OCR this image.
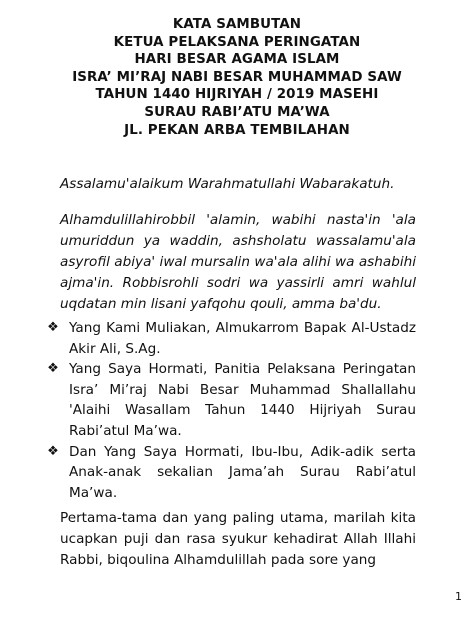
KATA SAMBUTAN
KETUA PELAKSANA PERINGATAN
HARI BESAR AGAMA ISLAM
ISRA’ MI’RAJ NABI BESAR MUHAMMAD SAW
TAHUN 1440 HIJRIYAH / 2019 MASEHI
SURAU RABI’ATU MA’WA
JL. PEKAN ARBA TEMBILAHAN
Assalamu'alaikum Warahmatullahi Wabarakatuh.
Alhamdulillahirobbil 'alamin, wabihi nasta'in 'ala umuriddun ya waddin, ashsholatu wassalamu'ala asyrofil abiya' iwal mursalin wa'ala alihi wa ashabihi ajma'in. Robbisrohli sodri wa yassirli amri wahlul uqdatan min lisani yafqohu qouli, amma ba'du.
❖ Yang Kami Muliakan, Almukarrom Bapak Al-Ustadz Akir Ali, S.Ag.
❖ Yang Saya Hormati, Panitia Pelaksana Peringatan Isra’ Mi’raj Nabi Besar Muhammad Shallallahu 'Alaihi Wasallam Tahun 1440 Hijriyah Surau Rabi’atul Ma’wa.
❖ Dan Yang Saya Hormati, Ibu-Ibu, Adik-adik serta Anak-anak sekalian Jama’ah Surau Rabi’atul Ma’wa.
Pertama-tama dan yang paling utama, marilah kita ucapkan puji dan rasa syukur kehadirat Allah Illahi Rabbi, biqoulina Alhamdulillah pada sore yang
1
